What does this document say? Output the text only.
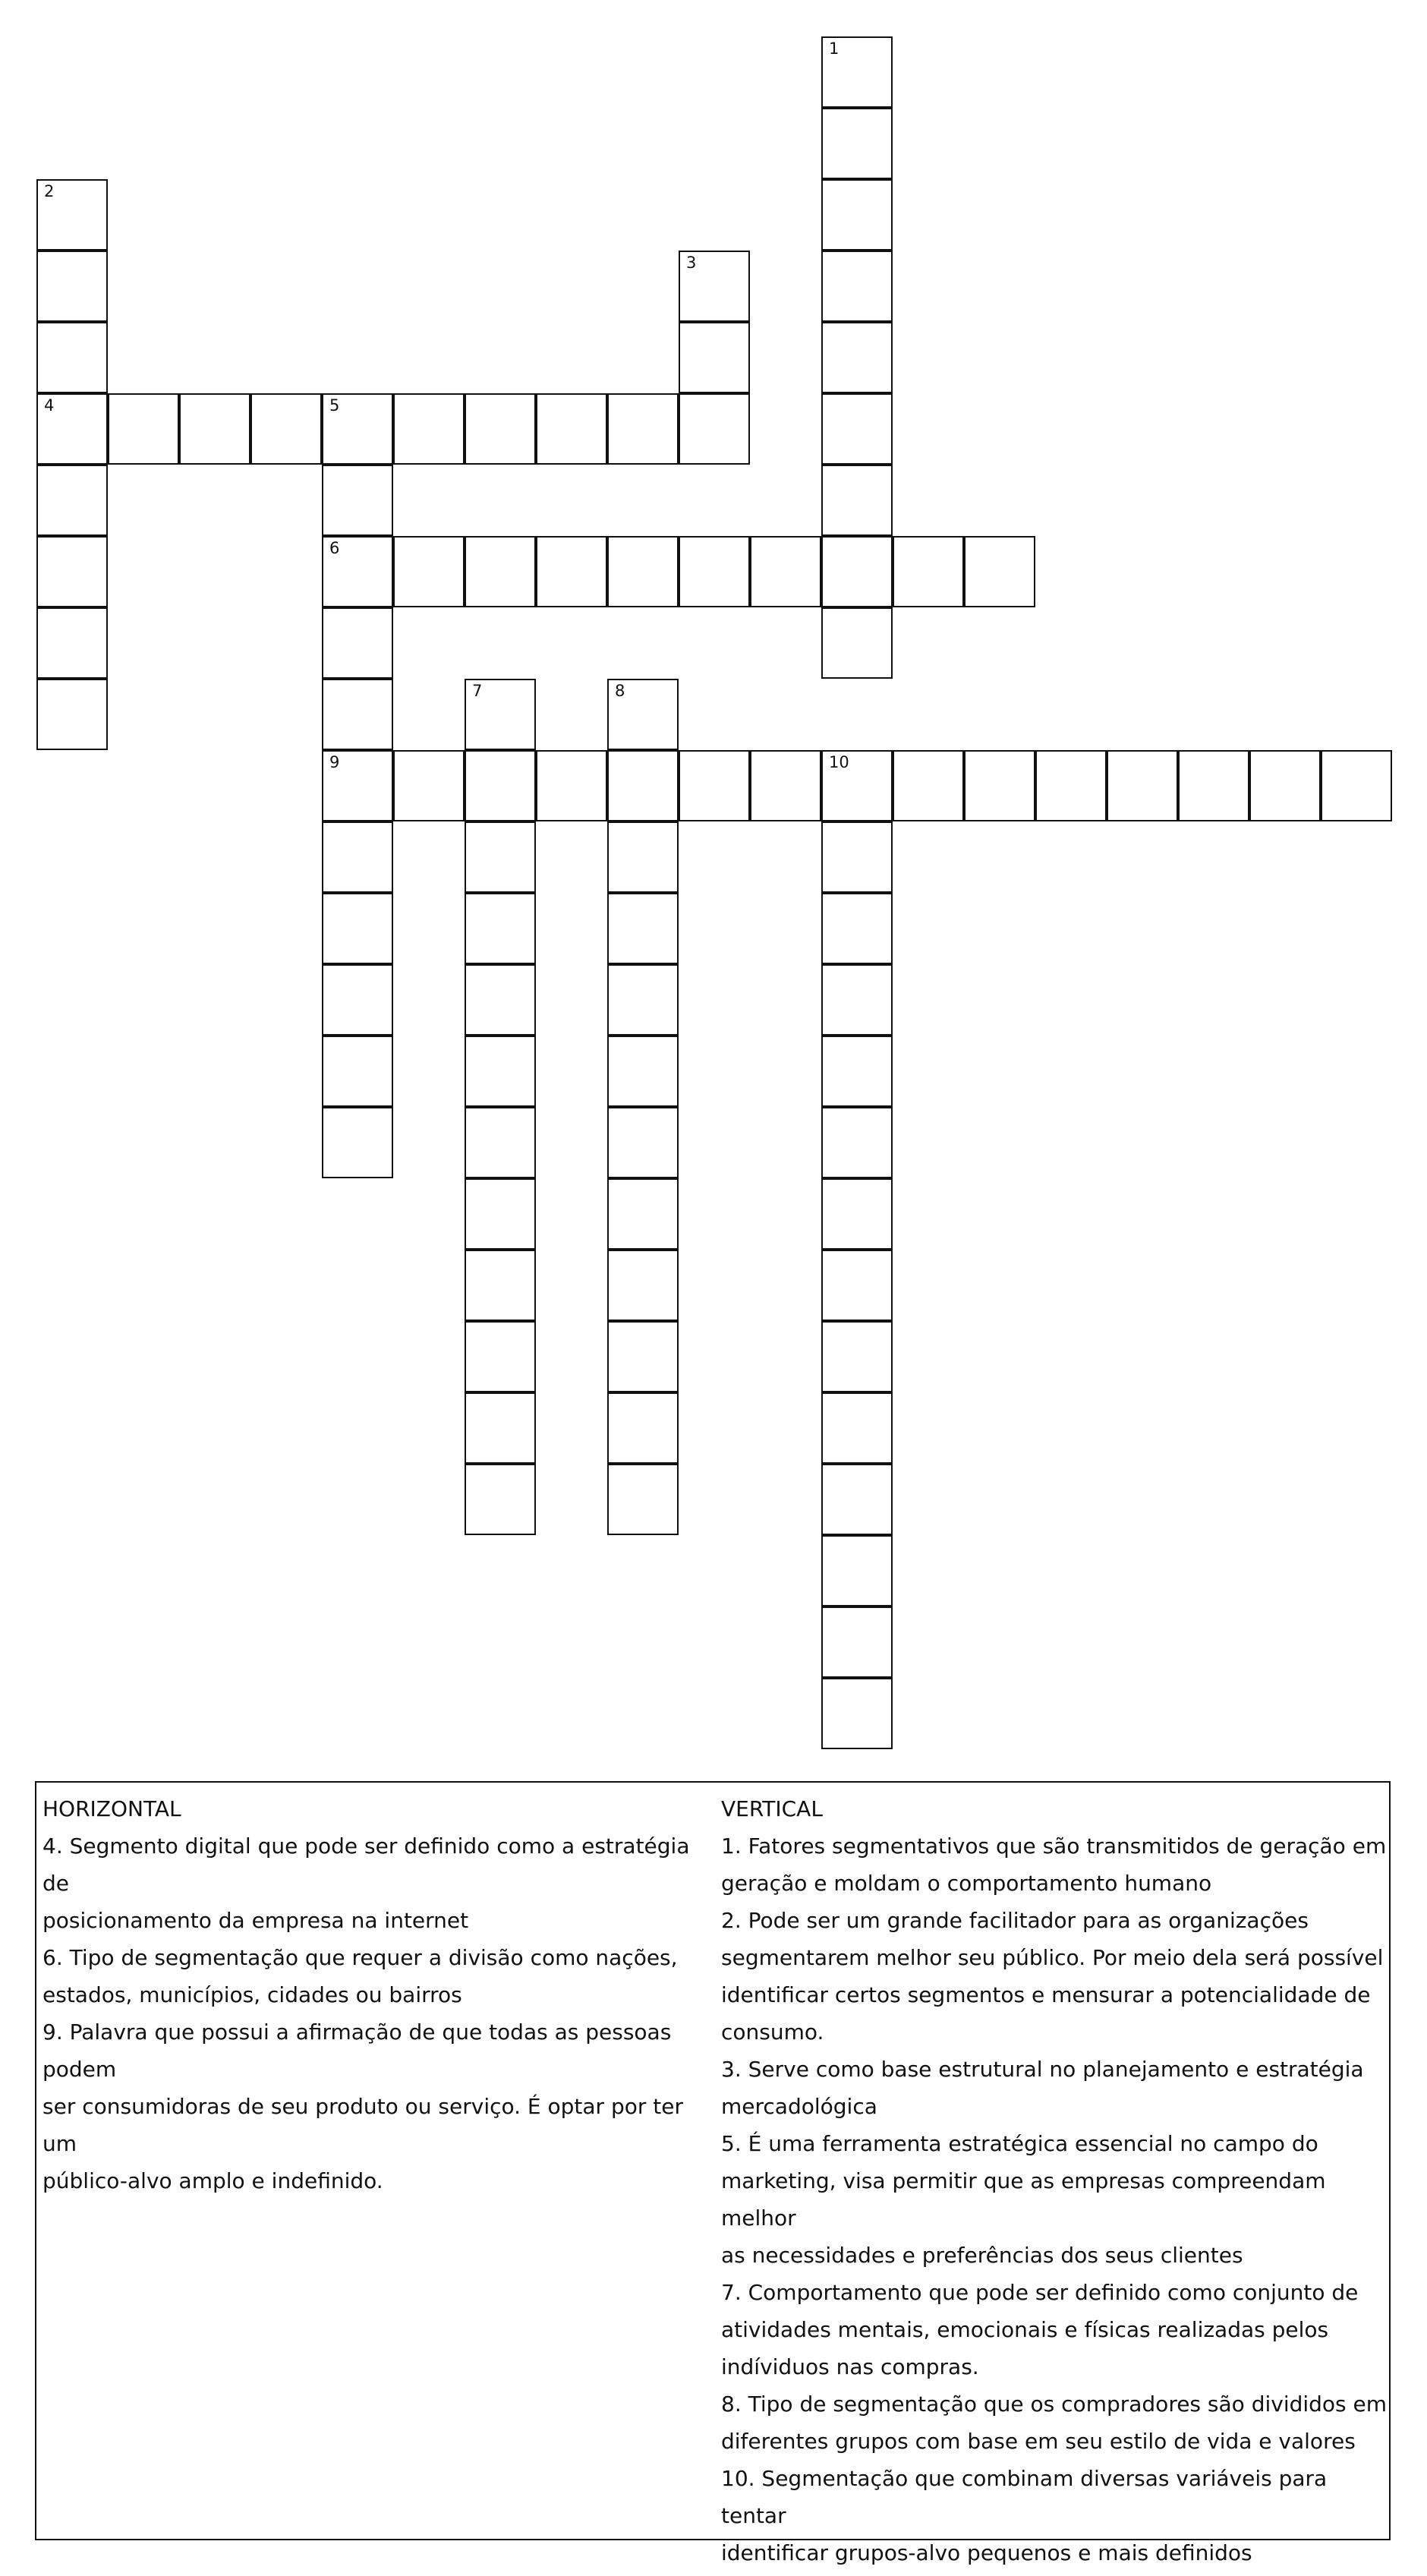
1
2
4
3
5
6
9
7	8
10

HORIZONTAL

4. Segmento digital que pode ser definido como a estratégia de
posicionamento da empresa na internet

6. Tipo de segmentação que requer a divisão como nações,
estados, municípios, cidades ou bairros

9. Palavra que possui a afirmação de que todas as pessoas podem
ser consumidoras de seu produto ou serviço. É optar por ter um
público-alvo amplo e indefinido.

VERTICAL

1. Fatores segmentativos que são transmitidos de geração em
geração e moldam o comportamento humano

2. Pode ser um grande facilitador para as organizações
segmentarem melhor seu público. Por meio dela será possível
identificar certos segmentos e mensurar a potencialidade de
consumo.

3. Serve como base estrutural no planejamento e estratégia
mercadológica

5. É uma ferramenta estratégica essencial no campo do
marketing, visa permitir que as empresas compreendam melhor
as necessidades e preferências dos seus clientes

7. Comportamento que pode ser definido como conjunto de
atividades mentais, emocionais e físicas realizadas pelos
indíviduos nas compras.

8. Tipo de segmentação que os compradores são divididos em
diferentes grupos com base em seu estilo de vida e valores

10. Segmentação que combinam diversas variáveis para tentar
identificar grupos-alvo pequenos e mais definidos
